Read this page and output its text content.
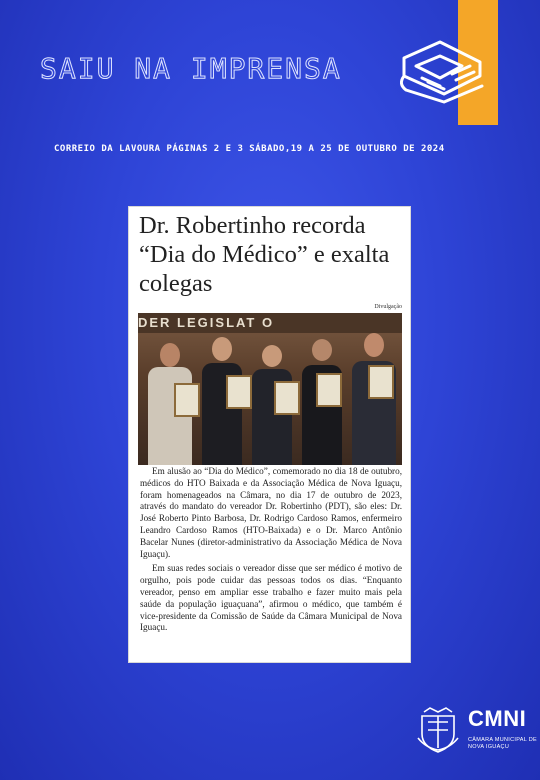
SAIU NA IMPRENSA
CORREIO DA LAVOURA PÁGINAS 2 E 3 SÁBADO,19 A 25 DE OUTUBRO DE 2024
Dr. Robertinho recorda “Dia do Médico” e exalta colegas
Divulgação
DER LEGISLAT O

Em alusão ao “Dia do Médico”, comemorado no dia 18 de outubro, médicos do HTO Baixada e da Associação Médica de Nova Iguaçu, foram homenageados na Câmara, no dia 17 de outubro de 2023, através do mandato do vereador Dr. Robertinho (PDT), são eles: Dr. José Roberto Pinto Barbosa, Dr. Rodrigo Cardoso Ramos, enfermeiro Leandro Cardoso Ramos (HTO-Baixada) e o Dr. Marco Antônio Bacelar Nunes (diretor-administrativo da Associação Médica de Nova Iguaçu).

Em suas redes sociais o vereador disse que ser médico é motivo de orgulho, pois pode cuidar das pessoas todos os dias. “Enquanto vereador, penso em ampliar esse trabalho e fazer muito mais pela saúde da população iguaçuana”, afirmou o médico, que também é vice-presidente da Comissão de Saúde da Câmara Municipal de Nova Iguaçu.

CMNI
CÂMARA MUNICIPAL DE NOVA IGUAÇU
